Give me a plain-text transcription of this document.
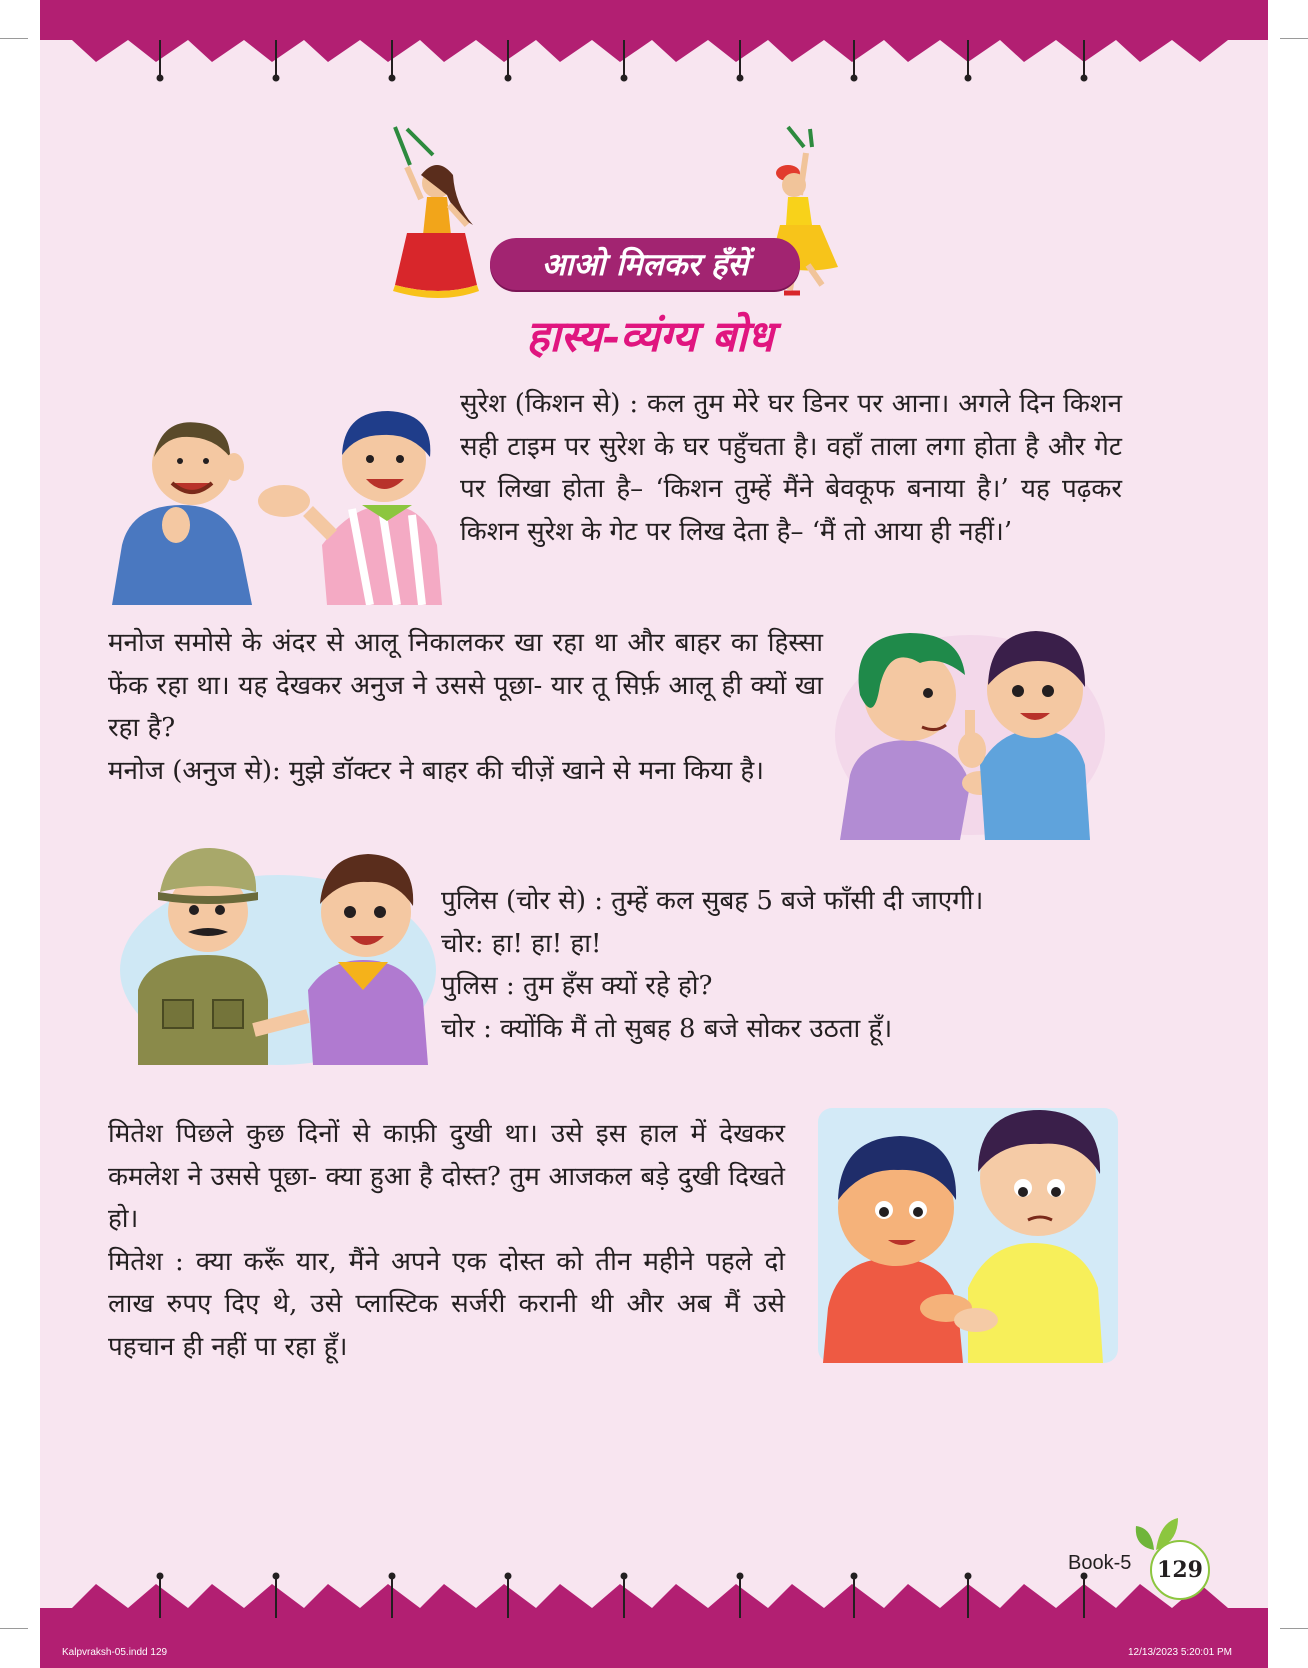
आओ मिलकर हँसें
हास्य-व्यंग्य बोध

सुरेश (किशन से) : कल तुम मेरे घर डिनर पर आना। अगले दिन किशन सही टाइम पर सुरेश के घर पहुँचता है। वहाँ ताला लगा होता है और गेट पर लिखा होता है– ‘किशन तुम्हें मैंने बेवकूफ बनाया है।’ यह पढ़कर किशन सुरेश के गेट पर लिख देता है– ‘मैं तो आया ही नहीं।’

मनोज समोसे के अंदर से आलू निकालकर खा रहा था और बाहर का हिस्सा फेंक रहा था। यह देखकर अनुज ने उससे पूछा- यार तू सिर्फ़ आलू ही क्यों खा रहा है?

मनोज (अनुज से): मुझे डॉक्टर ने बाहर की चीज़ें खाने से मना किया है।

पुलिस (चोर से) : तुम्हें कल सुबह 5 बजे फाँसी दी जाएगी।

चोर: हा! हा! हा!

पुलिस : तुम हँस क्यों रहे हो?

चोर : क्योंकि मैं तो सुबह 8 बजे सोकर उठता हूँ।

मितेश पिछले कुछ दिनों से काफ़ी दुखी था। उसे इस हाल में देखकर कमलेश ने उससे पूछा- क्या हुआ है दोस्त? तुम आजकल बड़े दुखी दिखते हो।

मितेश : क्या करूँ यार, मैंने अपने एक दोस्त को तीन महीने पहले दो लाख रुपए दिए थे, उसे प्लास्टिक सर्जरी करानी थी और अब मैं उसे पहचान ही नहीं पा रहा हूँ।

Book-5	129
Kalpvraksh-05.indd 129	12/13/2023 5:20:01 PM
